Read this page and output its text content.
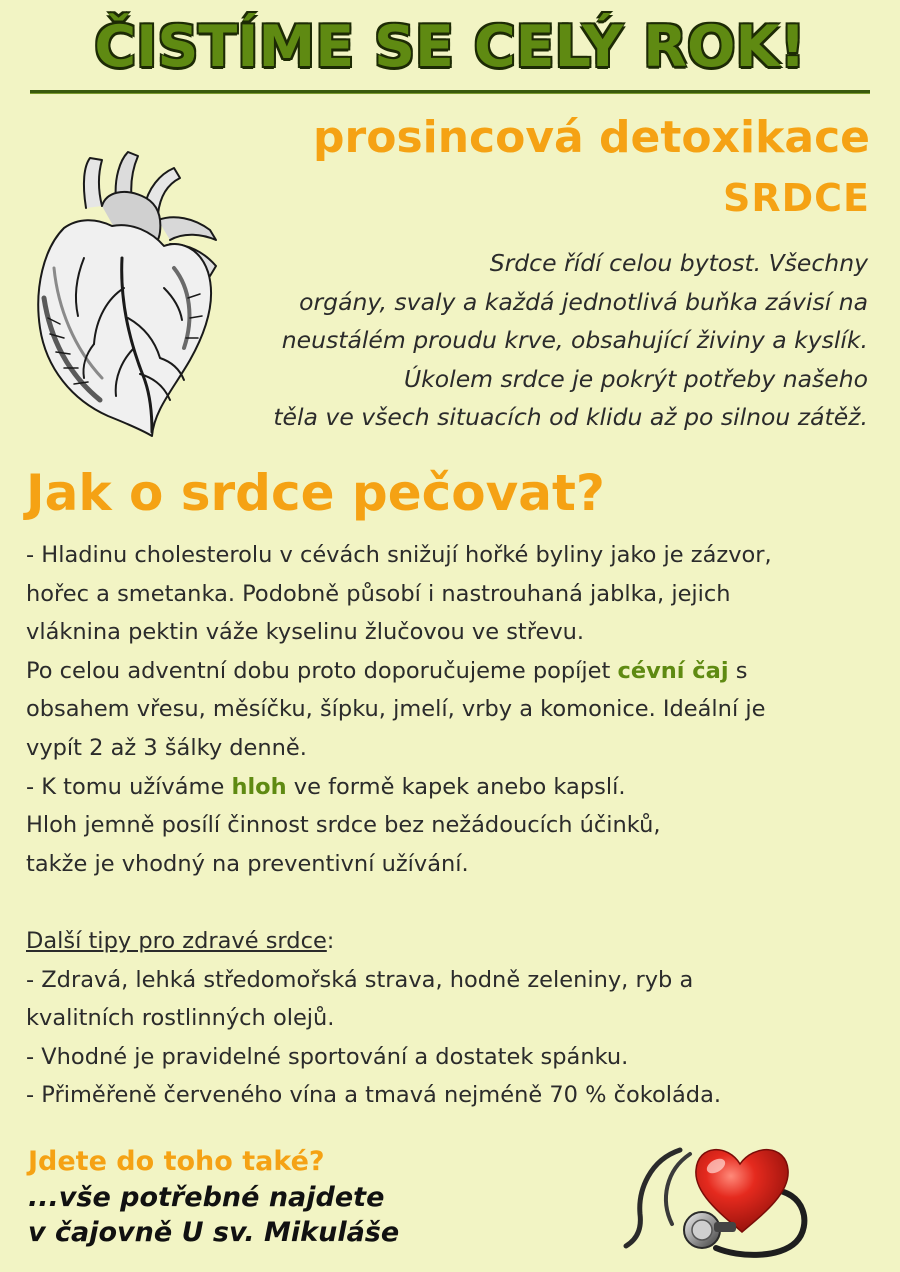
ČISTÍME SE CELÝ ROK!
prosincová detoxikace
SRDCE
Srdce řídí celou bytost. Všechny
orgány, svaly a každá jednotlivá buňka závisí na
neustálém proudu krve, obsahující živiny a kyslík.
Úkolem srdce je pokrýt potřeby našeho
těla ve všech situacích od klidu až po silnou zátěž.
Jak o srdce pečovat?
- Hladinu cholesterolu v cévách snižují hořké byliny jako je zázvor,
hořec a smetanka. Podobně působí i nastrouhaná jablka, jejich
vláknina pektin váže kyselinu žlučovou ve střevu.
Po celou adventní dobu proto doporučujeme popíjet cévní čaj s
obsahem vřesu, měsíčku, šípku, jmelí, vrby a komonice. Ideální je
vypít 2 až 3 šálky denně.
- K tomu užíváme hloh ve formě kapek anebo kapslí.
Hloh jemně posílí činnost srdce bez nežádoucích účinků,
takže je vhodný na preventivní užívání.
Další tipy pro zdravé srdce:
- Zdravá, lehká středomořská strava, hodně zeleniny, ryb a
kvalitních rostlinných olejů.
- Vhodné je pravidelné sportování a dostatek spánku.
- Přiměřeně červeného vína a tmavá nejméně 70 % čokoláda.
Jdete do toho také?
...vše potřebné najdete
v čajovně U sv. Mikuláše
